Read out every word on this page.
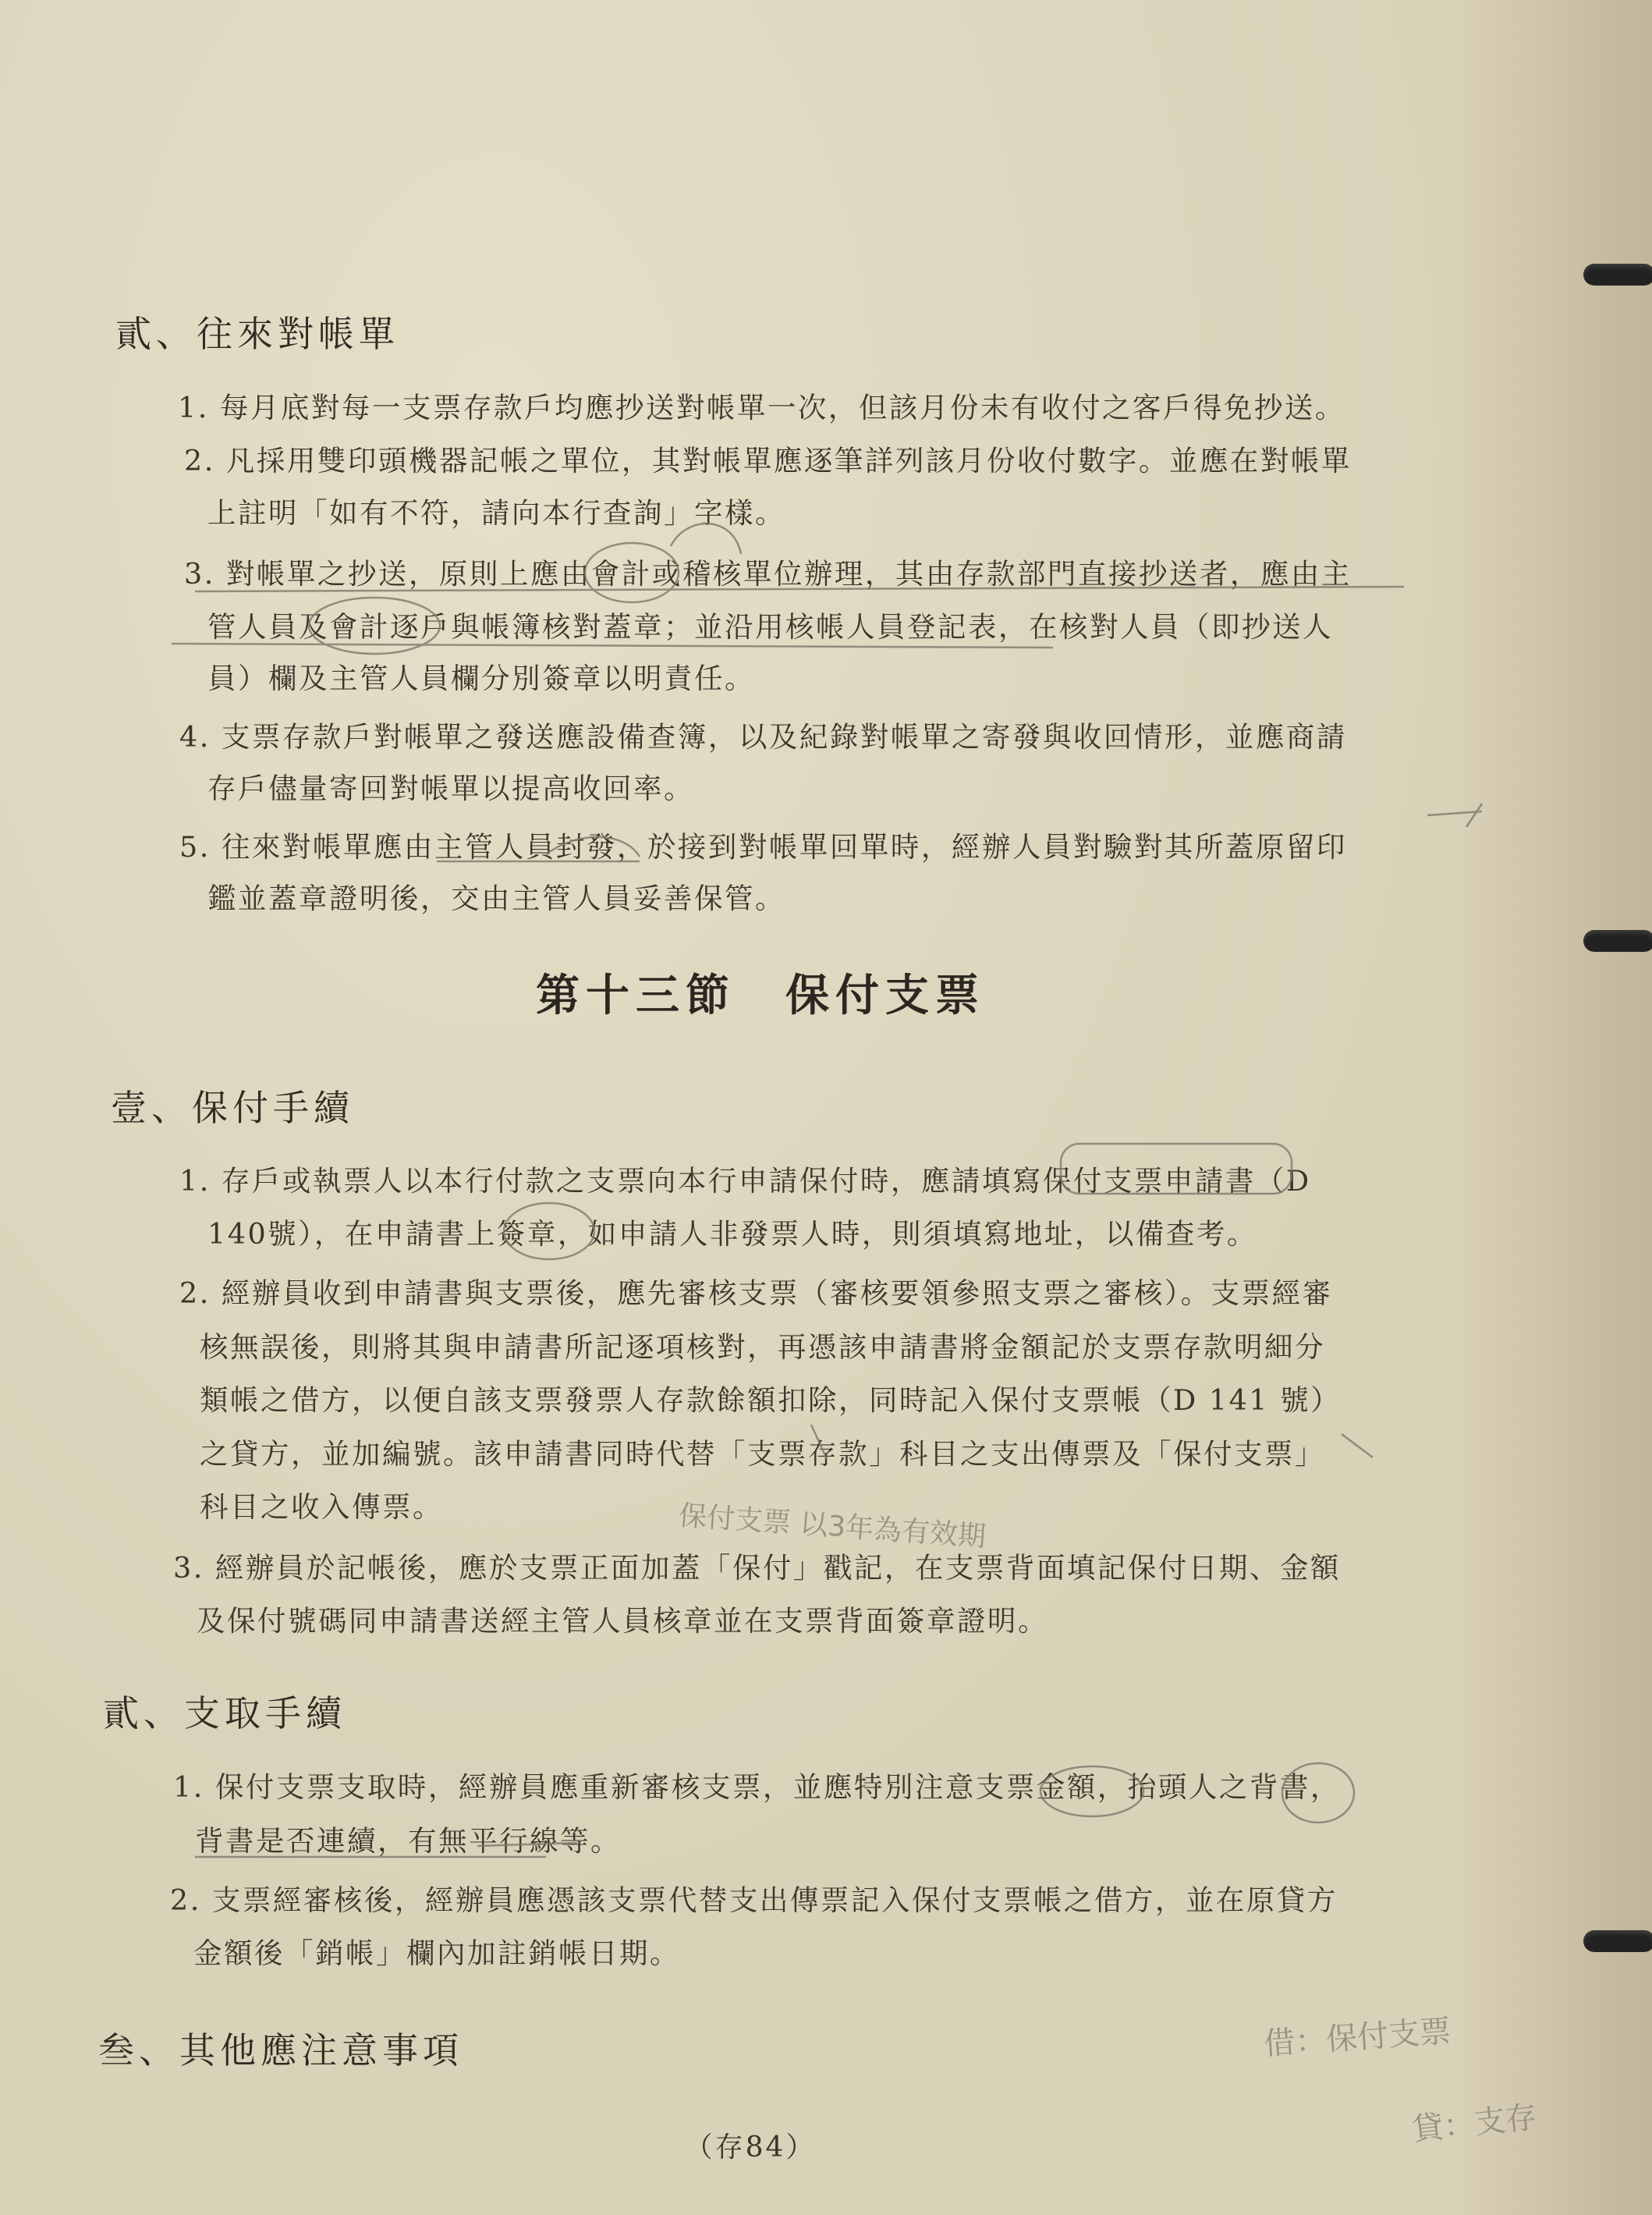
貳、往來對帳單
1. 每月底對每一支票存款戶均應抄送對帳單一次，但該月份未有收付之客戶得免抄送。
2. 凡採用雙印頭機器記帳之單位，其對帳單應逐筆詳列該月份收付數字。並應在對帳單
上註明「如有不符，請向本行查詢」字樣。
3. 對帳單之抄送，原則上應由會計或稽核單位辦理，其由存款部門直接抄送者，應由主
管人員及會計逐戶與帳簿核對蓋章；並沿用核帳人員登記表，在核對人員（即抄送人
員）欄及主管人員欄分別簽章以明責任。
4. 支票存款戶對帳單之發送應設備查簿，以及紀錄對帳單之寄發與收回情形，並應商請
存戶儘量寄回對帳單以提高收回率。
5. 往來對帳單應由主管人員封發，於接到對帳單回單時，經辦人員對驗對其所蓋原留印
鑑並蓋章證明後，交由主管人員妥善保管。
第十三節　保付支票
壹、保付手續
1. 存戶或執票人以本行付款之支票向本行申請保付時，應請填寫保付支票申請書（D
140號），在申請書上簽章，如申請人非發票人時，則須填寫地址，以備查考。
2. 經辦員收到申請書與支票後，應先審核支票（審核要領參照支票之審核）。支票經審
核無誤後，則將其與申請書所記逐項核對，再憑該申請書將金額記於支票存款明細分
類帳之借方，以便自該支票發票人存款餘額扣除，同時記入保付支票帳（D 141 號）
之貸方，並加編號。該申請書同時代替「支票存款」科目之支出傳票及「保付支票」
科目之收入傳票。
3. 經辦員於記帳後，應於支票正面加蓋「保付」戳記，在支票背面填記保付日期、金額
及保付號碼同申請書送經主管人員核章並在支票背面簽章證明。
貳、支取手續
1. 保付支票支取時，經辦員應重新審核支票，並應特別注意支票金額，抬頭人之背書，
背書是否連續，有無平行線等。
2. 支票經審核後，經辦員應憑該支票代替支出傳票記入保付支票帳之借方，並在原貸方
金額後「銷帳」欄內加註銷帳日期。
叁、其他應注意事項
（存84）
保付支票 以3年為有效期
借：保付支票
貸：支存
